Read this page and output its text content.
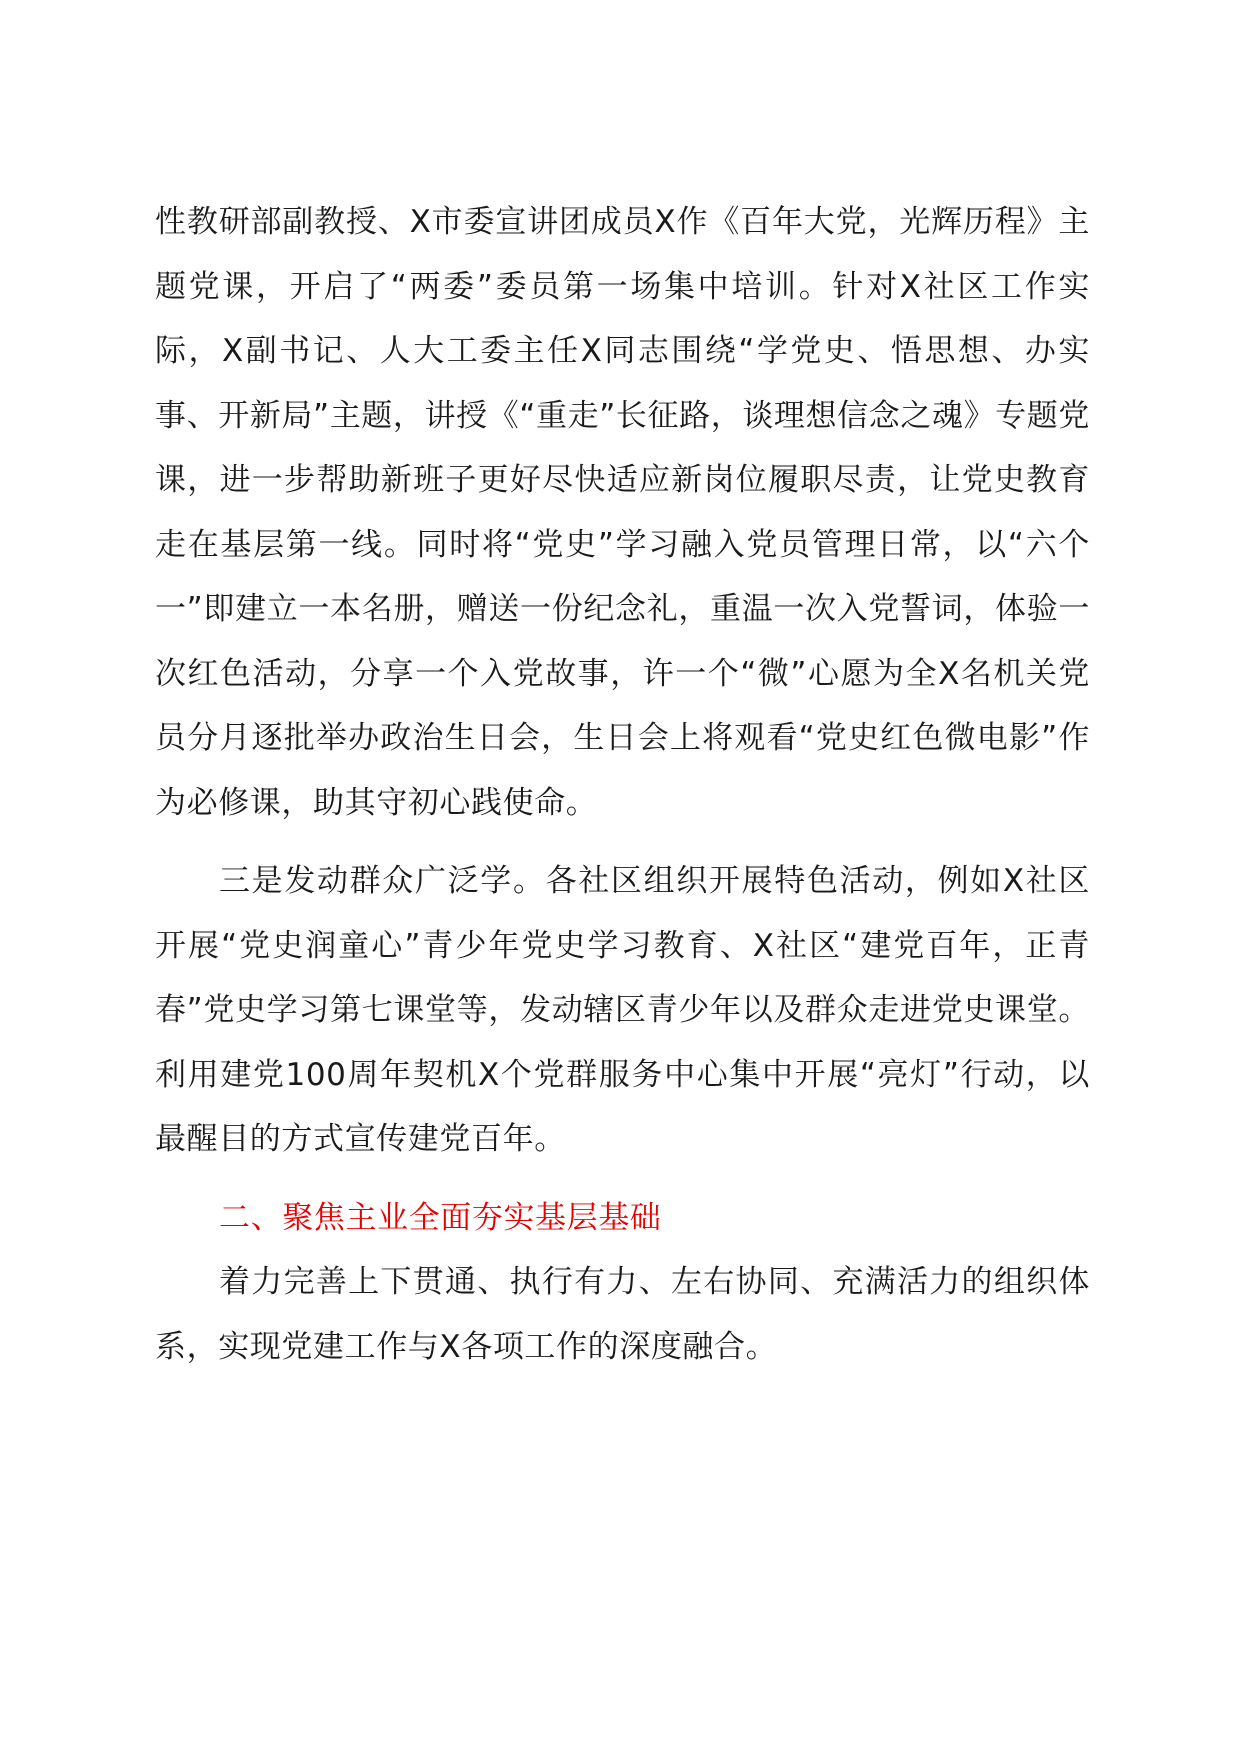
性教研部副教授、X市委宣讲团成员X作《百年大党，光辉历程》主题党课，开启了“两委”委员第一场集中培训。针对X社区工作实际，X副书记、人大工委主任X同志围绕“学党史、悟思想、办实事、开新局”主题，讲授《“重走”长征路，谈理想信念之魂》专题党课，进一步帮助新班子更好尽快适应新岗位履职尽责，让党史教育走在基层第一线。同时将“党史”学习融入党员管理日常，以“六个一”即建立一本名册，赠送一份纪念礼，重温一次入党誓词，体验一次红色活动，分享一个入党故事，许一个“微”心愿为全X名机关党员分月逐批举办政治生日会，生日会上将观看“党史红色微电影”作为必修课，助其守初心践使命。

三是发动群众广泛学。各社区组织开展特色活动，例如X社区开展“党史润童心”青少年党史学习教育、X社区“建党百年，正青春”党史学习第七课堂等，发动辖区青少年以及群众走进党史课堂。利用建党100周年契机X个党群服务中心集中开展“亮灯”行动，以最醒目的方式宣传建党百年。

二、聚焦主业全面夯实基层基础

着力完善上下贯通、执行有力、左右协同、充满活力的组织体系，实现党建工作与X各项工作的深度融合。
